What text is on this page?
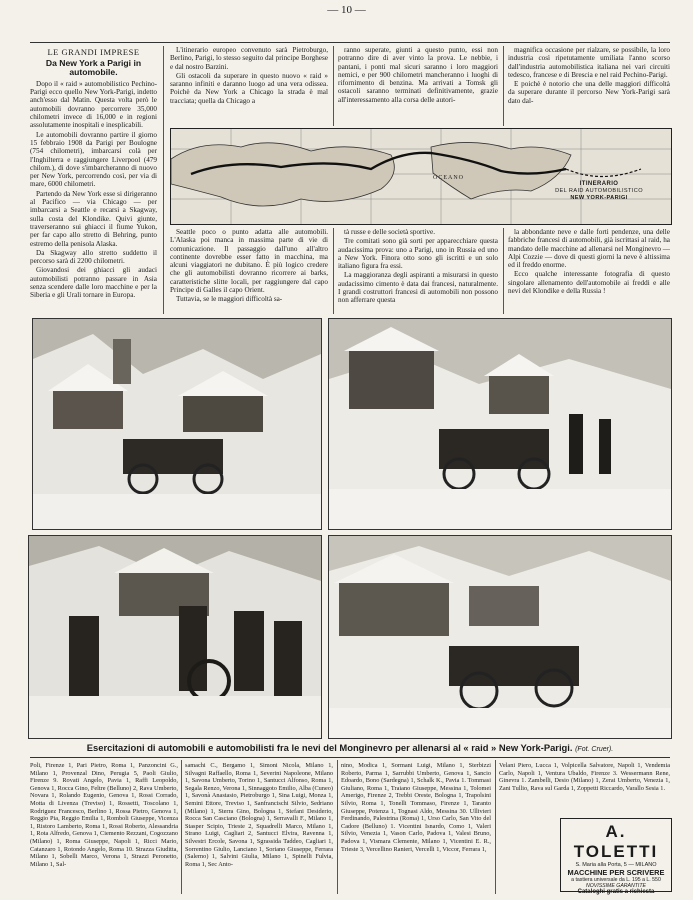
— 10 —
LE GRANDI IMPRESE
Da New York a Parigi in automobile.

Dopo il « raid » automobilistico Pechino-Parigi ecco quello New York-Parigi, indetto anch'esso dal Matin. Questa volta però le automobili dovranno percorrere 35,000 chilometri invece di 16,000 e in regioni assolutamente inospitali e inesplicabili.

Le automobili dovranno partire il giorno 15 febbraio 1908 da Parigi per Boulogne (754 chilometri), imbarcarsi colà per l'Inghilterra e raggiungere Liverpool (479 chilom.), di dove s'imbarcheranno di nuovo per New York, percorrendo così, per via di mare, 6000 chilometri.

Partendo da New York esse si dirigeranno al Pacifico — via Chicago — per imbarcarsi a Seattle e recarsi a Skagway, sulla costa del Klondike. Quivi giunte, traverseranno sui ghiacci il fiume Yukon, per far capo allo stretto di Behring, punto estremo della penisola Alaska.

Da Skagway allo stretto suddetto il percorso sarà di 2200 chilometri.

Giovandosi dei ghiacci gli audaci automobilisti potranno passare in Asia senza scendere dalle loro macchine e per la Siberia e gli Urali tornare in Europa.

L'itinerario europeo convenuto sarà Pietroburgo, Berlino, Parigi, lo stesso seguito dal principe Borghese e dal nostro Barzini.

Gli ostacoli da superare in questo nuovo « raid » saranno infiniti e daranno luogo ad una vera odissea. Poichè da New York a Chicago la strada è mal tracciata; quella da Chicago a

ranno superate, giunti a questo punto, essi non potranno dire di aver vinto la prova. Le nebbie, i pantani, i ponti mal sicuri saranno i loro maggiori nemici, e per 900 chilometri mancheranno i luoghi di rifornimento di benzina. Ma arrivati a Tomsk gli ostacoli saranno terminati definitivamente, grazie all'interessamento alla corsa delle autori-

magnifica occasione per rialzare, se possibile, la loro industria così ripetutamente umiliata l'anno scorso dall'industria automobilistica italiana nei vari circuiti tedesco, francese e di Brescia e nel raid Pechino-Parigi.

E poichè è notorio che una delle maggiori difficoltà da superare durante il percorso New York-Parigi sarà dato dal-

OCEANO
ITINERARIO
DEL RAID AUTOMOBILISTICO
NEW YORK-PARIGI

Seattle poco o punto adatta alle automobili. L'Alaska poi manca in massima parte di vie di comunicazione. Il passaggio dall'uno all'altro continente dovrebbe esser fatto in macchina, ma alcuni viaggiatori ne dubitano. È più logico credere che gli automobilisti dovranno ricorrere ai barks, caratteristiche slitte locali, per raggiungere dal capo Principe di Galles il capo Orient.

Tuttavia, se le maggiori difficoltà sa-

tà russe e delle società sportive.

Tre comitati sono già sorti per apparecchiare questa audacissima prova: uno a Parigi, uno in Russia ed uno a New York. Finora otto sono gli iscritti e un solo italiano figura fra essi.

La maggioranza degli aspiranti a misurarsi in questo audacissimo cimento è data dai francesi, naturalmente. I grandi costruttori francesi di automobili non possono non afferrare questa

la abbondante neve e dalle forti pendenze, una delle fabbriche francesi di automobili, già iscrittasi al raid, ha mandato delle macchine ad allenarsi nel Monginevro — Alpi Cozzie — dove di questi giorni la neve è altissima ed il freddo enorme.

Ecco qualche interessante fotografia di questo singolare allenamento dell'automobile ai freddi e alle nevi del Klondike e della Russia !

Esercitazioni di automobili e automobilisti fra le nevi del Monginevro per allenarsi al « raid » New York-Parigi. (Fot. Cruer).
Poli, Firenze 1, Pari Pietro, Roma 1, Panzoncini G., Milano 1, Provenzal Dino, Perugia 5, Paoli Giulio, Firenze 9. Rovati Angelo, Pavia 1, Raffi Leopoldo, Genova 1, Rocca Gino, Feltre (Belluno) 2, Rava Umberto, Novara 1, Rolando Eugenio, Genova 1, Rossi Corrado, Motta di Livenza (Treviso) 1, Rossetti, Toscolano 1, Rodriguez Francesco, Berlino 1, Rossa Pietro, Genova 1, Reggio Pia, Reggio Emilia 1, Romboli Giuseppe, Vicenza 1, Ristoro Lamberto, Roma 1, Rossi Roberto, Alessandria 1, Rota Alfredo, Genova 1, Ciemento Rezzani, Cogozzano (Milano) 1, Roma Giuseppe, Napoli 1, Ricci Mario, Catanzaro 1, Rotondo Angelo, Roma 10. Strazza Giuditta, Milano 1, Sobelli Marco, Verona 1, Strazzi Peronetto, Milano 1, Sal-
samachi C., Bergamo 1, Simoni Nicola, Milano 1, Silvagni Raffaello, Roma 1, Severini Napoleone, Milano 1, Savona Umberto, Torino 1, Santucci Alfonso, Roma 1, Segala Renzo, Verona 1, Sinnaggoto Emilio, Alba (Cuneo) 1, Savonà Anastasio, Pietroburgo 1, Sina Luigi, Monza 1, Semini Ettore, Treviso 1, Sanfrancischi Silvio, Sedriano (Milano) 1, Sterra Gino, Bologna 1, Stefani Desiderio, Rocca San Casciano (Bologna) 1, Serravalli F., Milano 1, Stasper Scipio, Trieste 2, Squadrelli Marco, Milano 1, Strano Luigi, Cagliari 2, Santucci Elvira, Ravenna 1, Silvestri Ercole, Savona 1, Sgrassida Taddeo, Cagliari 1, Sorrentino Giulio, Lanciano 1, Soriano Giuseppe, Ferrara (Salerno) 1, Salvini Giulia, Milano 1, Spinelli Fulvia, Roma 1, Sec Anto-
nino, Modica 1, Sormani Luigi, Milano 1, Sterbizzi Roberto, Parma 1, Sarrubbi Umberto, Genova 1, Sancio Edoardo, Bono (Sardegna) 1, Schalk K., Pavia 1. Tommasi Giuliano, Roma 1, Traiano Giuseppe, Messina 1, Tolomei Amerigo, Firenze 2, Trebbi Oreste, Bologna 1, Trapolsini Silvio, Roma 1, Tonelli Tommaso, Firenze 1, Taranto Giuseppe, Potenza 1, Tognasi Aldo, Messina 30. Ullivieri Ferdinando, Palestrina (Roma) 1, Urso Carlo, San Vito del Cadore (Belluno) 1. Vicentini Isnardo, Como 1, Valeri Silvio, Venezia 1, Vason Carlo, Padova 1, Valesi Bruno, Padova 1, Vismara Clemente, Milano 1, Vicentini E. R., Trieste 3, Vercellino Ranieri, Vercelli 1, Viccor, Ferrara 1,
Velani Piero, Lucca 1, Volpicella Salvatore, Napoli 1, Vendemia Carlo, Napoli 1, Ventura Ubaldo, Firenze 3. Wessermann Rene, Ginevra 1. Zambelli, Desio (Milano) 1, Zerai Umberto, Venezia 1, Zani Tullio, Rava sul Garda 1, Zoppetti Riccardo, Varallo Sesia 1.
A. TOLETTI
S. Maria alla Porta, 5 — MILANO
MACCHINE PER SCRIVERE
a tastiera universale da L. 195 a L. 550
NOVISSIME GARANTITE
Cataloghi gratis a richiesta
